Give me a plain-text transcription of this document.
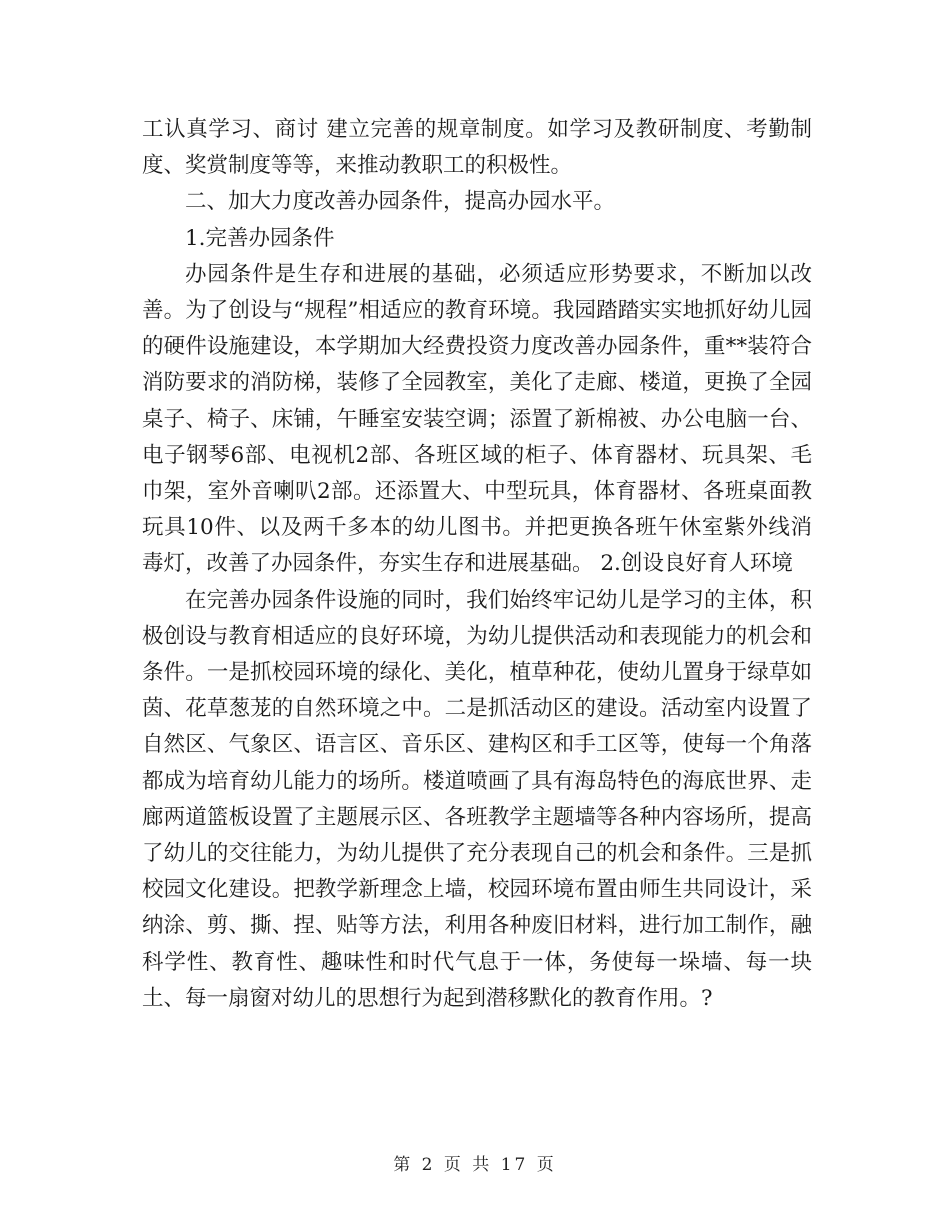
工认真学习、商讨 建立完善的规章制度。如学习及教研制度、考勤制度、奖赏制度等等，来推动教职工的积极性。

二、加大力度改善办园条件，提高办园水平。

1.完善办园条件

办园条件是生存和进展的基础，必须适应形势要求，不断加以改善。为了创设与“规程”相适应的教育环境。我园踏踏实实地抓好幼儿园的硬件设施建设，本学期加大经费投资力度改善办园条件，重**装符合消防要求的消防梯，装修了全园教室，美化了走廊、楼道，更换了全园桌子、椅子、床铺，午睡室安装空调；添置了新棉被、办公电脑一台、电子钢琴6部、电视机2部、各班区域的柜子、体育器材、玩具架、毛巾架，室外音喇叭2部。还添置大、中型玩具，体育器材、各班桌面教玩具10件、以及两千多本的幼儿图书。并把更换各班午休室紫外线消毒灯，改善了办园条件，夯实生存和进展基础。 2.创设良好育人环境

在完善办园条件设施的同时，我们始终牢记幼儿是学习的主体，积极创设与教育相适应的良好环境，为幼儿提供活动和表现能力的机会和条件。一是抓校园环境的绿化、美化，植草种花，使幼儿置身于绿草如茵、花草葱茏的自然环境之中。二是抓活动区的建设。活动室内设置了自然区、气象区、语言区、音乐区、建构区和手工区等，使每一个角落都成为培育幼儿能力的场所。楼道喷画了具有海岛特色的海底世界、走廊两道篮板设置了主题展示区、各班教学主题墙等各种内容场所，提高了幼儿的交往能力，为幼儿提供了充分表现自己的机会和条件。三是抓校园文化建设。把教学新理念上墙，校园环境布置由师生共同设计，采纳涂、剪、撕、捏、贴等方法，利用各种废旧材料，进行加工制作，融科学性、教育性、趣味性和时代气息于一体，务使每一垛墙、每一块土、每一扇窗对幼儿的思想行为起到潜移默化的教育作用。?

第 2 页 共 17 页
